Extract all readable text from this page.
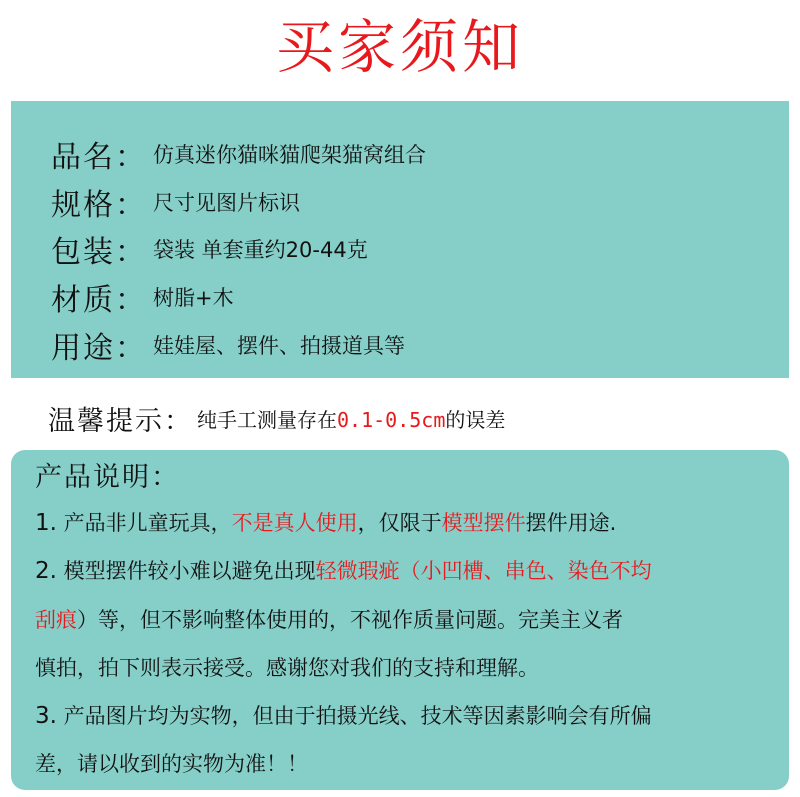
买家须知
品名： 仿真迷你猫咪猫爬架猫窝组合
规格： 尺寸见图片标识
包装： 袋装 单套重约20-44克
材质： 树脂+木
用途： 娃娃屋、摆件、拍摄道具等
温馨提示： 纯手工测量存在0.1-0.5cm的误差
产品说明：
1. 产品非儿童玩具，不是真人使用，仅限于模型摆件摆件用途.
2. 模型摆件较小难以避免出现轻微瑕疵（小凹槽、串色、染色不均
刮痕）等，但不影响整体使用的，不视作质量问题。完美主义者
慎拍，拍下则表示接受。感谢您对我们的支持和理解。
3. 产品图片均为实物，但由于拍摄光线、技术等因素影响会有所偏
差，请以收到的实物为准！！
